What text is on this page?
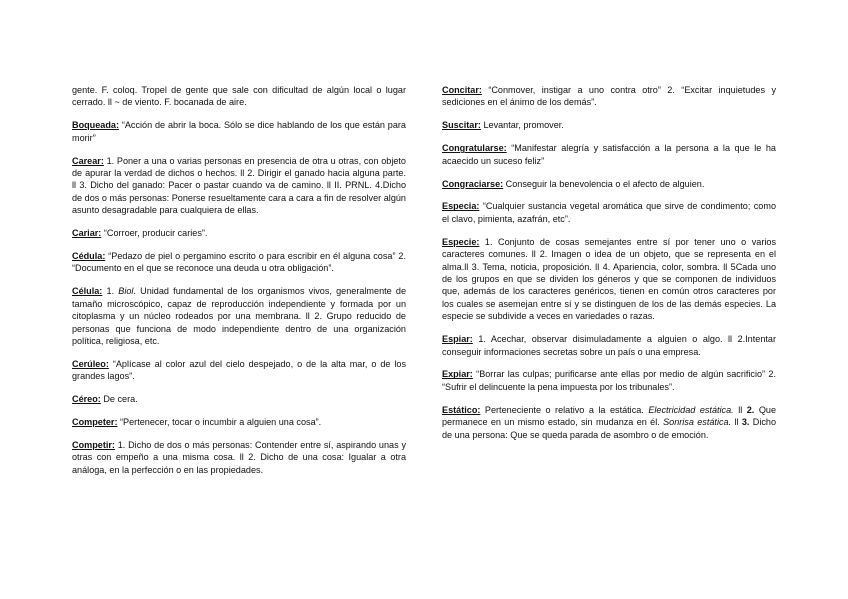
gente. F. coloq. Tropel de gente que sale con dificultad de algún local o lugar cerrado. ll ~ de viento. F. bocanada de aire.

Boqueada: “Acción de abrir la boca. Sólo se dice hablando de los que están para morir”

Carear: 1. Poner a una o varias personas en presencia de otra u otras, con objeto de apurar la verdad de dichos o hechos. ll 2. Dirigir el ganado hacia alguna parte. ll 3. Dicho del ganado: Pacer o pastar cuando va de camino. ll II. PRNL. 4.Dicho de dos o más personas: Ponerse resueltamente cara a cara a fin de resolver algún asunto desagradable para cualquiera de ellas.

Cariar: “Corroer, producir caries”.

Cédula: “Pedazo de piel o pergamino escrito o para escribir en él alguna cosa” 2. “Documento en el que se reconoce una deuda u otra obligación”.

Célula: 1. Biol. Unidad fundamental de los organismos vivos, generalmente de tamaño microscópico, capaz de reproducción independiente y formada por un citoplasma y un núcleo rodeados por una membrana. ll 2. Grupo reducido de personas que funciona de modo independiente dentro de una organización política, religiosa, etc.

Cerúleo: “Aplícase al color azul del cielo despejado, o de la alta mar, o de los grandes lagos”.

Céreo: De cera.

Competer: “Pertenecer, tocar o incumbir a alguien una cosa”.

Competir: 1. Dicho de dos o más personas: Contender entre sí, aspirando unas y otras con empeño a una misma cosa. ll 2. Dicho de una cosa: Igualar a otra análoga, en la perfección o en las propiedades.

Concitar: “Conmover, instigar a uno contra otro” 2. “Excitar inquietudes y sediciones en el ánimo de los demás”.

Suscitar: Levantar, promover.

Congratularse: “Manifestar alegría y satisfacción a la persona a la que le ha acaecido un suceso feliz”

Congraciarse: Conseguir la benevolencia o el afecto de alguien.

Especia: “Cualquier sustancia vegetal aromática que sirve de condimento; como el clavo, pimienta, azafrán, etc”.

Especie: 1. Conjunto de cosas semejantes entre sí por tener uno o varios caracteres comunes. ll 2. Imagen o idea de un objeto, que se representa en el alma.ll 3. Tema, noticia, proposición. ll 4. Apariencia, color, sombra. ll 5Cada uno de los grupos en que se dividen los géneros y que se componen de individuos que, además de los caracteres genéricos, tienen en común otros caracteres por los cuales se asemejan entre sí y se distinguen de los de las demás especies. La especie se subdivide a veces en variedades o razas.

Espiar: 1. Acechar, observar disimuladamente a alguien o algo. ll 2.Intentar conseguir informaciones secretas sobre un país o una empresa.

Expiar: “Borrar las culpas; purificarse ante ellas por medio de algún sacrificio” 2. “Sufrir el delincuente la pena impuesta por los tribunales”.

Estático: Perteneciente o relativo a la estática. Electricidad estática. ll 2. Que permanece en un mismo estado, sin mudanza en él. Sonrisa estática. ll 3. Dicho de una persona: Que se queda parada de asombro o de emoción.
